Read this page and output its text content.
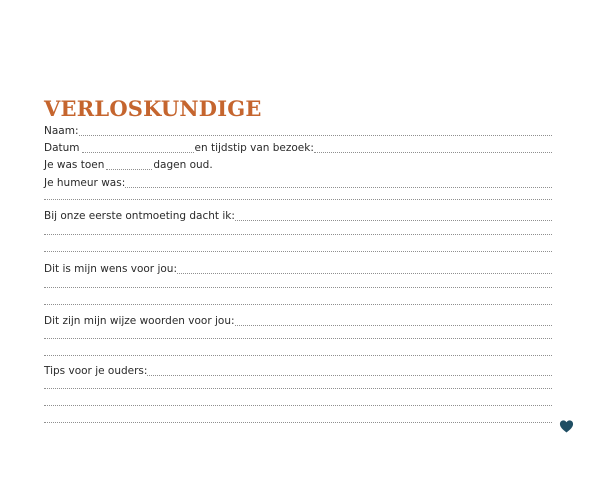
VERLOSKUNDIGE
Naam:
Datum	en tijdstip van bezoek:
Je was toen	dagen oud.
Je humeur was:
Bij onze eerste ontmoeting dacht ik:
Dit is mijn wens voor jou:
Dit zijn mijn wijze woorden voor jou:
Tips voor je ouders:
